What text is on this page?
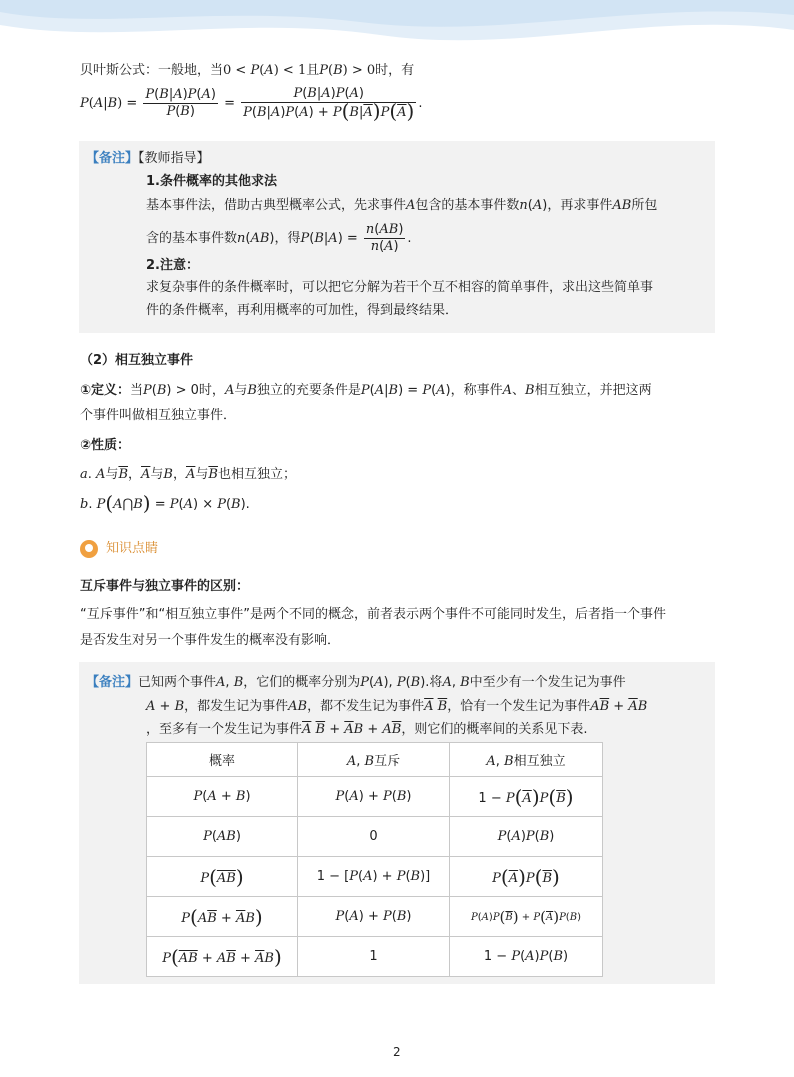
贝叶斯公式：一般地，当0 < P(A) < 1且P(B) > 0时，有
$P(A|B) = \frac{P(B|A)P(A)}{P(B)} = \frac{P(B|A)P(A)}{P(B|A)P(A) + P(B|\overline{A})P(\overline{A})}$ .
【备注】【教师指导】
1.条件概率的其他求法
基本事件法，借助古典型概率公式，先求事件A包含的基本事件数n(A)，再求事件AB所包
含的基本事件数n(AB)，得$P(B|A) = \frac{n(AB)}{n(A)}$ .
2.注意：
求复杂事件的条件概率时，可以把它分解为若干个互不相容的简单事件，求出这些简单事
件的条件概率，再利用概率的可加性，得到最终结果．
（2）相互独立事件
①定义：当P(B) > 0时，A与B独立的充要条件是P(A|B) = P(A)，称事件A、B相互独立，并把这两
个事件叫做相互独立事件．
②性质：
a. A与$\overline{B}$，$\overline{A}$与B，$\overline{A}$与$\overline{B}$也相互独立；
b. P(A⋂B) = P(A) × P(B).
知识点睛
互斥事件与独立事件的区别：
“互斥事件”和“相互独立事件”是两个不同的概念，前者表示两个事件不可能同时发生，后者指一个事件
是否发生对另一个事件发生的概率没有影响．
【备注】已知两个事件A, B，它们的概率分别为P(A), P(B).将A, B中至少有一个发生记为事件
A + B，都发生记为事件AB，都不发生记为事件$\overline{A}$ $\overline{B}$，恰有一个发生记为事件$A\overline{B} + \overline{A}B$
，至多有一个发生记为事件$\overline{A}$ $\overline{B} + \overline{A}B + A\overline{B}$，则它们的概率间的关系见下表.
概率	A, B互斥	A, B相互独立
P(A + B)	P(A) + P(B)	$1 - P(\overline{A})P(\overline{B})$
P(AB)	0	P(A)P(B)
$P(\overline{AB})$	1 − [P(A) + P(B)]	$P(\overline{A})P(\overline{B})$
$P(A\overline{B} + \overline{A}B)$	P(A) + P(B)	$P(A)P(\overline{B}) + P(\overline{A})P(B)$
$P(\overline{AB} + A\overline{B} + \overline{A}B)$	1	1 − P(A)P(B)
2
